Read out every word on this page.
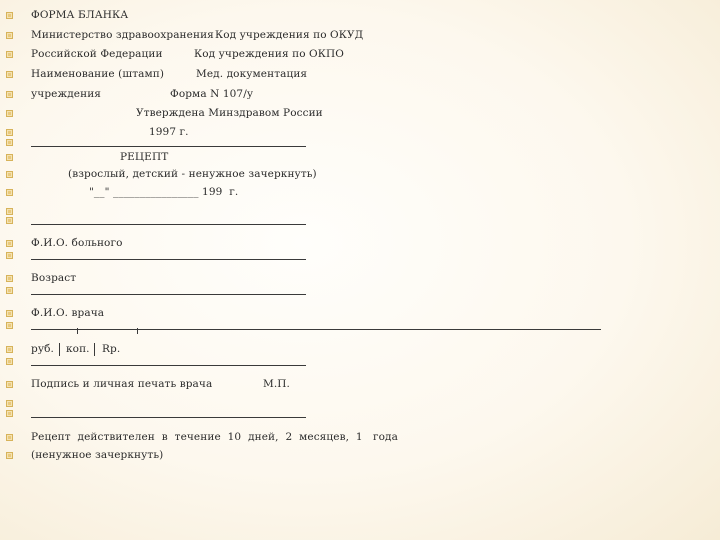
ФОРМА БЛАНКА
Министерство здравоохранения Код учреждения по ОКУД
Российской Федерации	Код учреждения по ОКПО
Наименование (штамп)	Мед. документация
учреждения	Форма N 107/у
Утверждена Минздравом России
1997 г.
РЕЦЕПТ
(взрослый, детский - ненужное зачеркнуть)
"__" ________________ 199  г.
Ф.И.О. больного
Возраст
Ф.И.О. врача
руб. коп. Rp.
Подпись и личная печать врача	М.П.
Рецепт  действителен  в  течение  10  дней,  2  месяцев,  1   года
(ненужное зачеркнуть)
